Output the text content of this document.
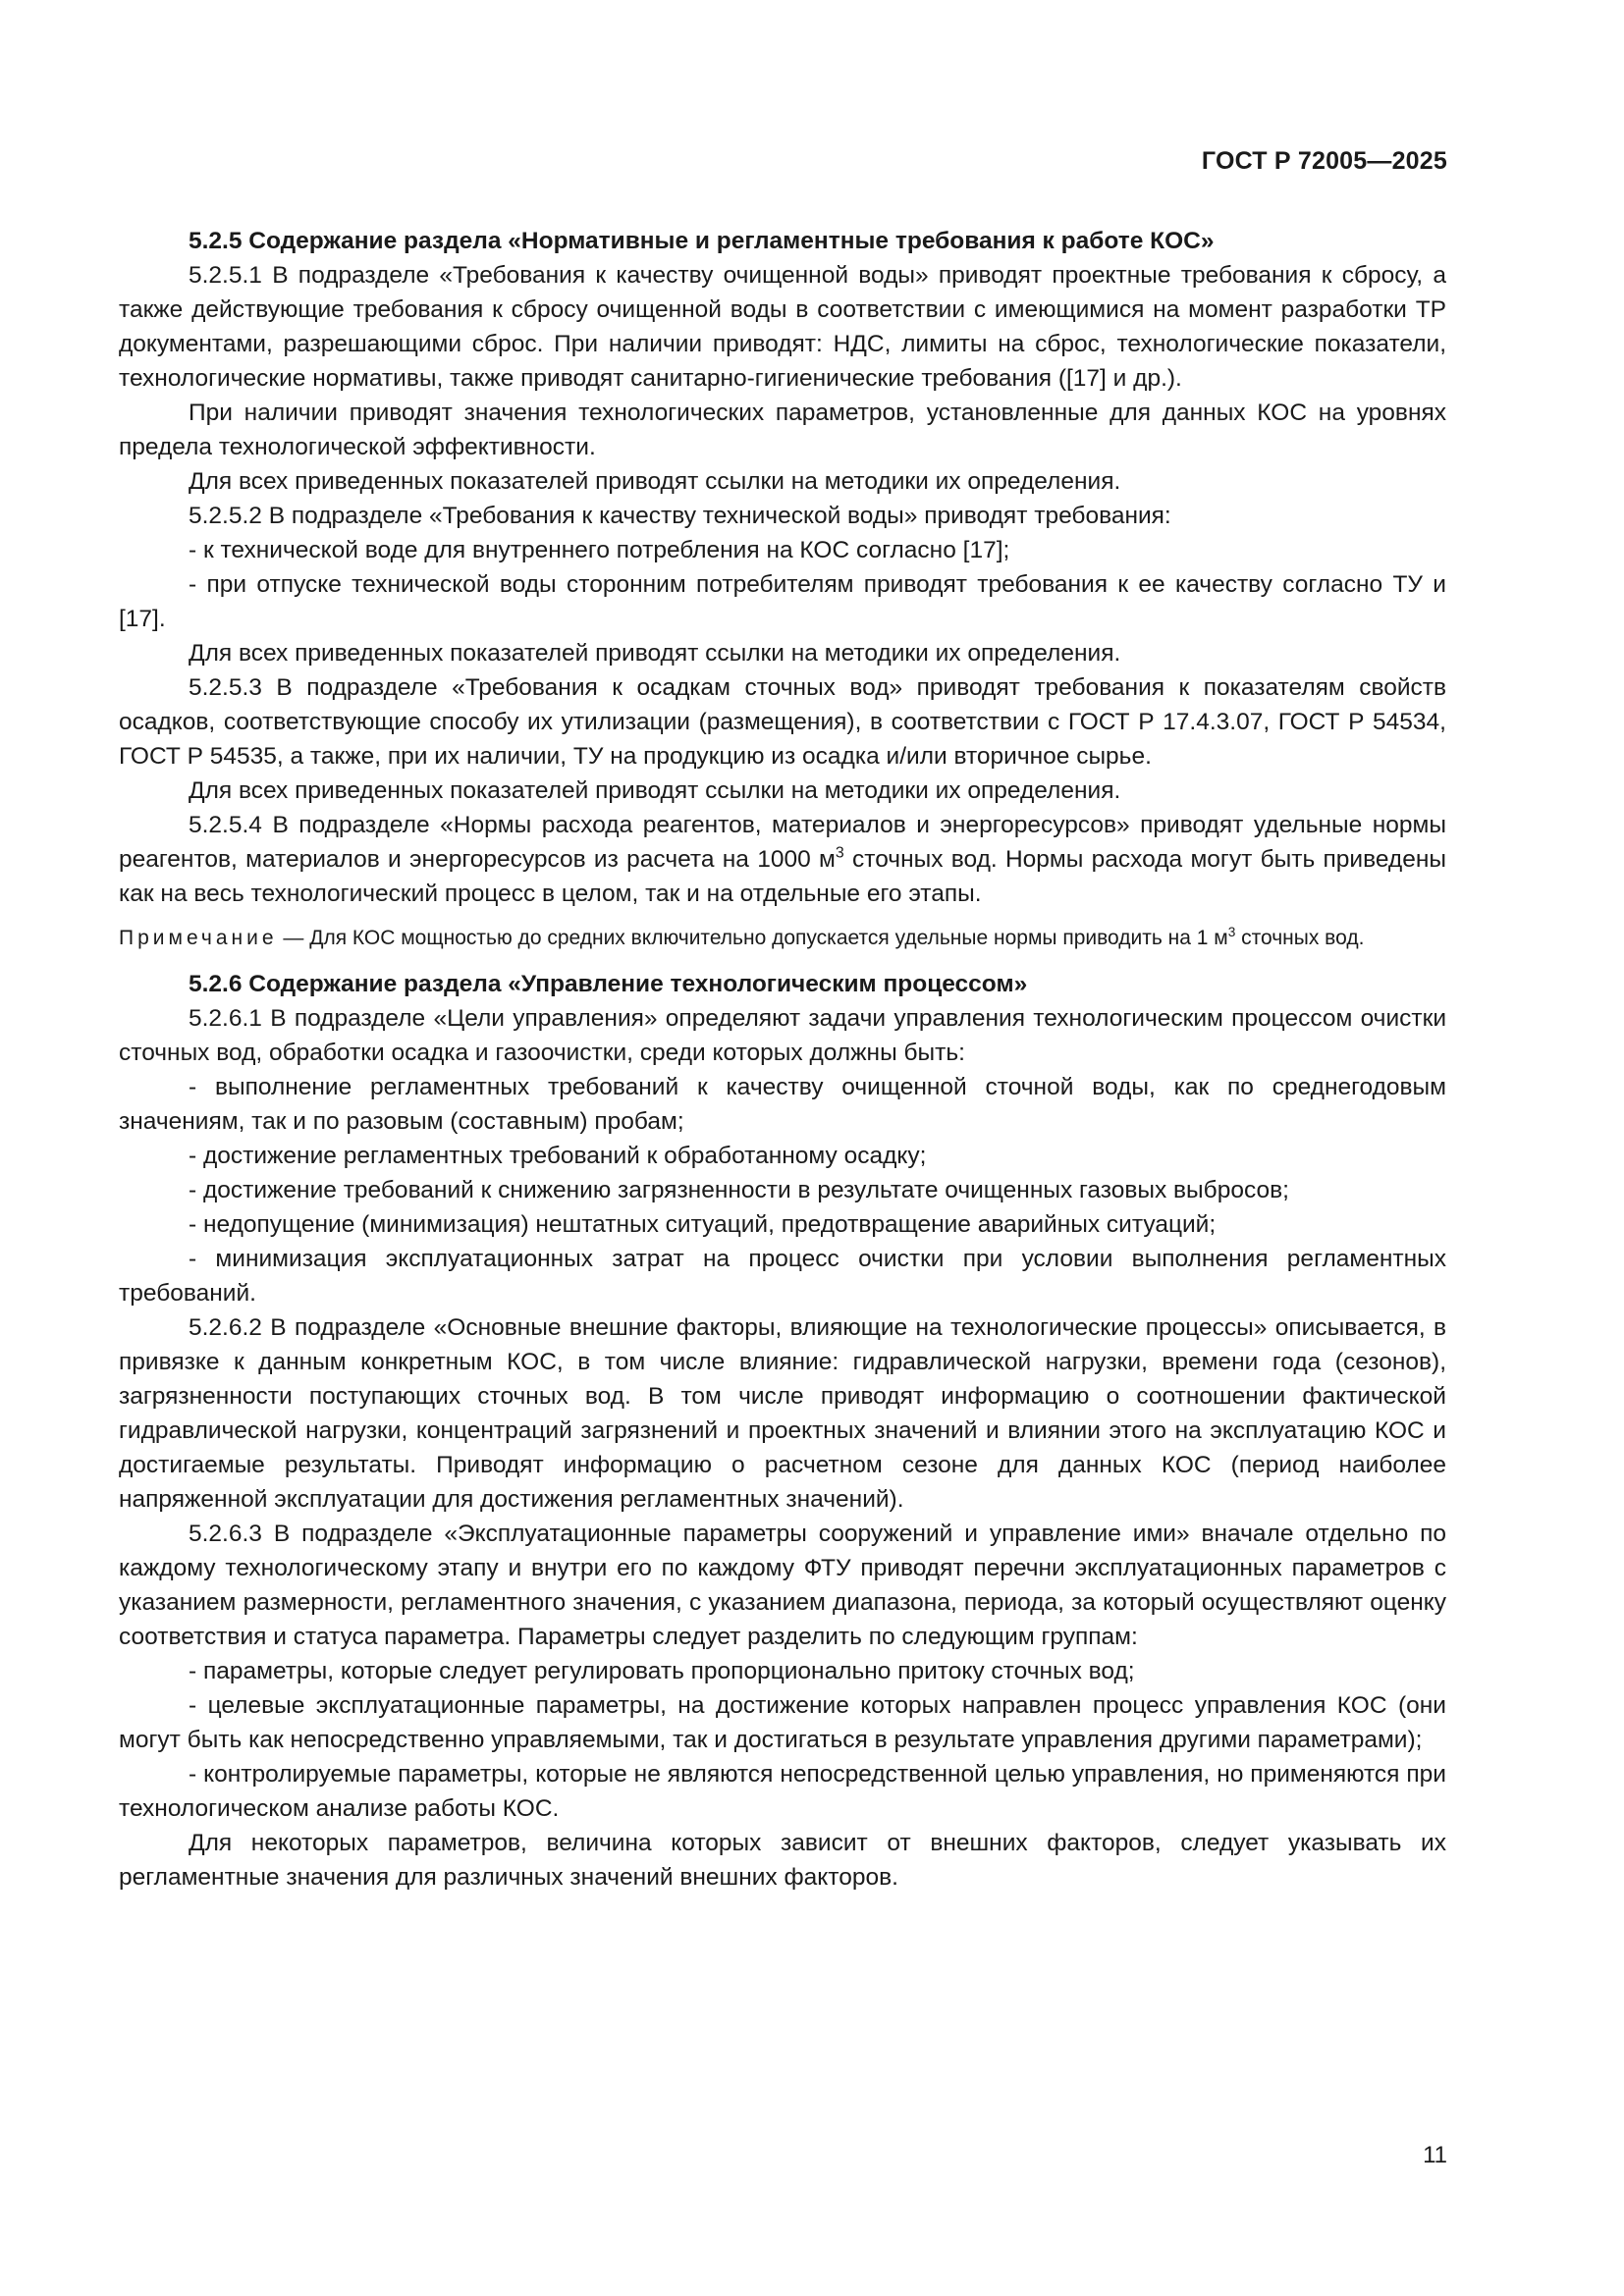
ГОСТ Р 72005—2025

5.2.5 Содержание раздела «Нормативные и регламентные требования к работе КОС»

5.2.5.1 В подразделе «Требования к качеству очищенной воды» приводят проектные требования к сбросу, а также действующие требования к сбросу очищенной воды в соответствии с имеющимися на момент разработки ТР документами, разрешающими сброс. При наличии приводят: НДС, лимиты на сброс, технологические показатели, технологические нормативы, также приводят санитарно-гигиенические требования ([17] и др.).

При наличии приводят значения технологических параметров, установленные для данных КОС на уровнях предела технологической эффективности.

Для всех приведенных показателей приводят ссылки на методики их определения.

5.2.5.2 В подразделе «Требования к качеству технической воды» приводят требования:

- к технической воде для внутреннего потребления на КОС согласно [17];

- при отпуске технической воды сторонним потребителям приводят требования к ее качеству согласно ТУ и [17].

Для всех приведенных показателей приводят ссылки на методики их определения.

5.2.5.3 В подразделе «Требования к осадкам сточных вод» приводят требования к показателям свойств осадков, соответствующие способу их утилизации (размещения), в соответствии с ГОСТ Р 17.4.3.07, ГОСТ Р 54534, ГОСТ Р 54535, а также, при их наличии, ТУ на продукцию из осадка и/или вторичное сырье.

Для всех приведенных показателей приводят ссылки на методики их определения.

5.2.5.4 В подразделе «Нормы расхода реагентов, материалов и энергоресурсов» приводят удельные нормы реагентов, материалов и энергоресурсов из расчета на 1000 $м^3$ сточных вод. Нормы расхода могут быть приведены как на весь технологический процесс в целом, так и на отдельные его этапы.

Примечание — Для КОС мощностью до средних включительно допускается удельные нормы приводить на 1 $м^3$ сточных вод.

5.2.6 Содержание раздела «Управление технологическим процессом»

5.2.6.1 В подразделе «Цели управления» определяют задачи управления технологическим процессом очистки сточных вод, обработки осадка и газоочистки, среди которых должны быть:

- выполнение регламентных требований к качеству очищенной сточной воды, как по среднегодовым значениям, так и по разовым (составным) пробам;

- достижение регламентных требований к обработанному осадку;

- достижение требований к снижению загрязненности в результате очищенных газовых выбросов;

- недопущение (минимизация) нештатных ситуаций, предотвращение аварийных ситуаций;

- минимизация эксплуатационных затрат на процесс очистки при условии выполнения регламентных требований.

5.2.6.2 В подразделе «Основные внешние факторы, влияющие на технологические процессы» описывается, в привязке к данным конкретным КОС, в том числе влияние: гидравлической нагрузки, времени года (сезонов), загрязненности поступающих сточных вод. В том числе приводят информацию о соотношении фактической гидравлической нагрузки, концентраций загрязнений и проектных значений и влиянии этого на эксплуатацию КОС и достигаемые результаты. Приводят информацию о расчетном сезоне для данных КОС (период наиболее напряженной эксплуатации для достижения регламентных значений).

5.2.6.3 В подразделе «Эксплуатационные параметры сооружений и управление ими» вначале отдельно по каждому технологическому этапу и внутри его по каждому ФТУ приводят перечни эксплуатационных параметров с указанием размерности, регламентного значения, с указанием диапазона, периода, за который осуществляют оценку соответствия и статуса параметра. Параметры следует разделить по следующим группам:

- параметры, которые следует регулировать пропорционально притоку сточных вод;

- целевые эксплуатационные параметры, на достижение которых направлен процесс управления КОС (они могут быть как непосредственно управляемыми, так и достигаться в результате управления другими параметрами);

- контролируемые параметры, которые не являются непосредственной целью управления, но применяются при технологическом анализе работы КОС.

Для некоторых параметров, величина которых зависит от внешних факторов, следует указывать их регламентные значения для различных значений внешних факторов.

11
